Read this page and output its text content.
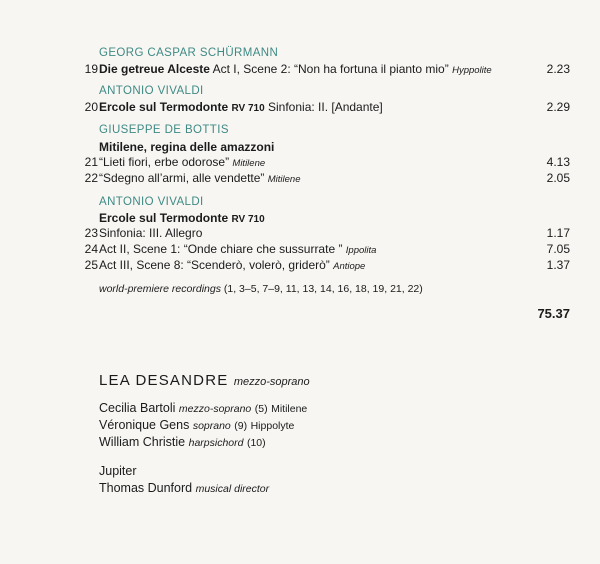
GEORG CASPAR SCHÜRMANN
19 Die getreue Alceste Act I, Scene 2: “Non ha fortuna il pianto mio” Hyppolite	2.23
ANTONIO VIVALDI
20 Ercole sul Termodonte RV 710 Sinfonia: II. [Andante]	2.29
GIUSEPPE DE BOTTIS
Mitilene, regina delle amazzoni
21 “Lieti fiori, erbe odorose” Mitilene	4.13
22 “Sdegno all’armi, alle vendette” Mitilene	2.05
ANTONIO VIVALDI
Ercole sul Termodonte RV 710
23 Sinfonia: III. Allegro	1.17
24 Act II, Scene 1: “Onde chiare che sussurrate ” Ippolita	7.05
25 Act III, Scene 8: “Scenderò, volerò, griderò” Antiope	1.37
world-premiere recordings (1, 3–5, 7–9, 11, 13, 14, 16, 18, 19, 21, 22)
75.37
LEA DESANDRE mezzo-soprano
Cecilia Bartoli mezzo-soprano (5) Mitilene
Véronique Gens soprano (9) Hippolyte
William Christie harpsichord (10)
Jupiter
Thomas Dunford musical director
